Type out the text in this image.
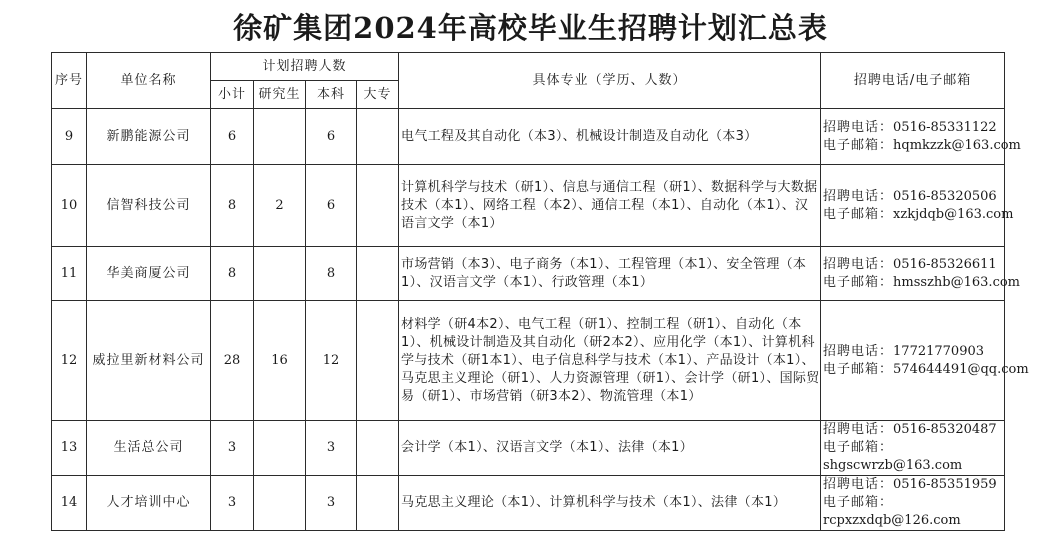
徐矿集团2024年高校毕业生招聘计划汇总表
序号	单位名称	计划招聘人数				具体专业（学历、人数）	招聘电话/电子邮箱
		小计	研究生	本科	大专		
9	新鹏能源公司	6		6		电气工程及其自动化（本3）、机械设计制造及自动化（本3）	招聘电话：0516-85331122
电子邮箱：hqmkzzk@163.com

10	信智科技公司	8	2	6		计算机科学与技术（研1）、信息与通信工程（研1）、数据科学与大数据技术（本1）、网络工程（本2）、通信工程（本1）、自动化（本1）、汉语言文学（本1）	招聘电话：0516-85320506
电子邮箱：xzkjdqb@163.com

11	华美商厦公司	8		8		市场营销（本3）、电子商务（本1）、工程管理（本1）、安全管理（本1）、汉语言文学（本1）、行政管理（本1）	招聘电话：0516-85326611
电子邮箱：hmsszhb@163.com

12	威拉里新材料公司	28	16	12		材料学（研4本2）、电气工程（研1）、控制工程（研1）、自动化（本1）、机械设计制造及其自动化（研2本2）、应用化学（本1）、计算机科学与技术（研1本1）、电子信息科学与技术（本1）、产品设计（本1）、马克思主义理论（研1）、人力资源管理（研1）、会计学（研1）、国际贸易（研1）、市场营销（研3本2）、物流管理（本1）	招聘电话：17721770903
电子邮箱：574644491@qq.com

13	生活总公司	3		3		会计学（本1）、汉语言文学（本1）、法律（本1）	招聘电话：0516-85320487
电子邮箱：
shgscwrzb@163.com

14	人才培训中心	3		3		马克思主义理论（本1）、计算机科学与技术（本1）、法律（本1）	招聘电话：0516-85351959
电子邮箱：
rcpxzxdqb@126.com
